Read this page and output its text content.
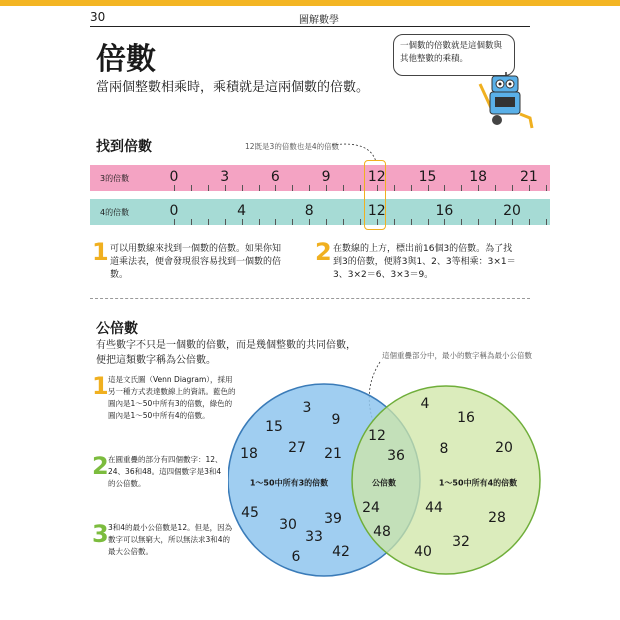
30	圖解數學
倍數
當兩個整數相乘時，乘積就是這兩個數的倍數。
一個數的倍數就是這個數與其他整數的乘積。
找到倍數	12既是3的倍數也是4的倍數
3的倍數	0	3	6	9	12 15 18 21
4的倍數	0	4	8	12	16	20
1 可以用數線來找到一個數的倍數。如果你知道乘法表，便會發現很容易找到一個數的倍數。
2 在數線的上方，標出前16個3的倍數。為了找到3的倍數，便將3與1、2、3等相乘：3×1＝3、3×2＝6、3×3＝9。
公倍數
有些數字不只是一個數的倍數，而是幾個整數的共同倍數，便把這類數字稱為公倍數。	這個重疊部分中，最小的數字稱為最小公倍數
1 這是文氏圖（Venn Diagram），採用另一種方式表達數線上的資訊。藍色的圓內是1～50中所有3的倍數，綠色的圓內是1～50中所有4的倍數。
2 在圓重疊的部分有四個數字：12、24、36和48。這四個數字是3和4的公倍數。
3 3和4的最小公倍數是12。但是，因為數字可以無窮大，所以無法求3和4的最大公倍數。
3
9
15
27
18	21
45
30 39
33
6 42
12
36
24
48
4
16
8	20
44
28
32
40
1～50中所有3的倍數	公倍數	1～50中所有4的倍數
